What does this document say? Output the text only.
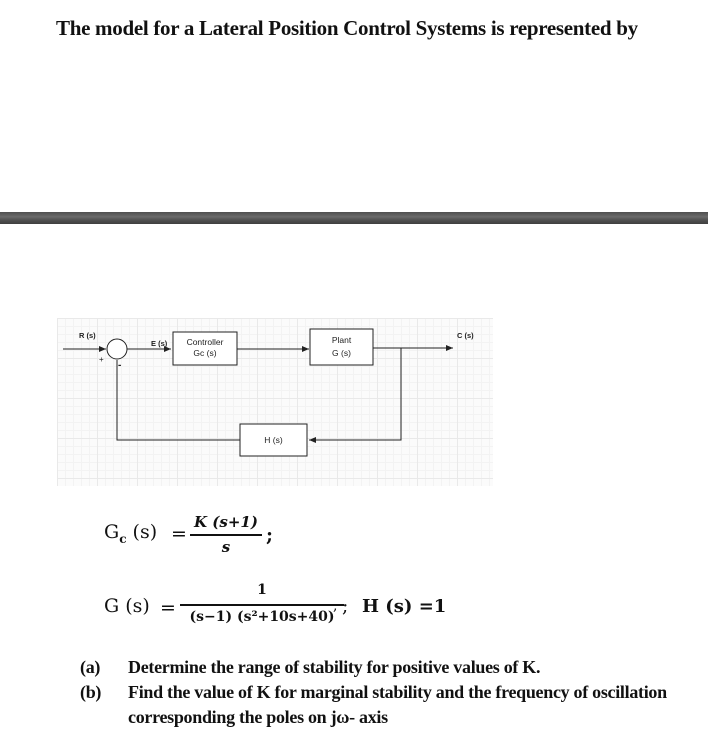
The model for a Lateral Position Control Systems is represented by
R (s)
+
-
E (s) Controller
Gc (s)
Plant
G (s)
C (s)
H (s)
$G_c$ (s) =
K (s+1)
s
;
G (s) =
1
(s−1) (s²+10s+40)
, ; H (s) =1
(a)	Determine the range of stability for positive values of K.
(b)	Find the value of K for marginal stability and the frequency of oscillation corresponding the poles on jω- axis
